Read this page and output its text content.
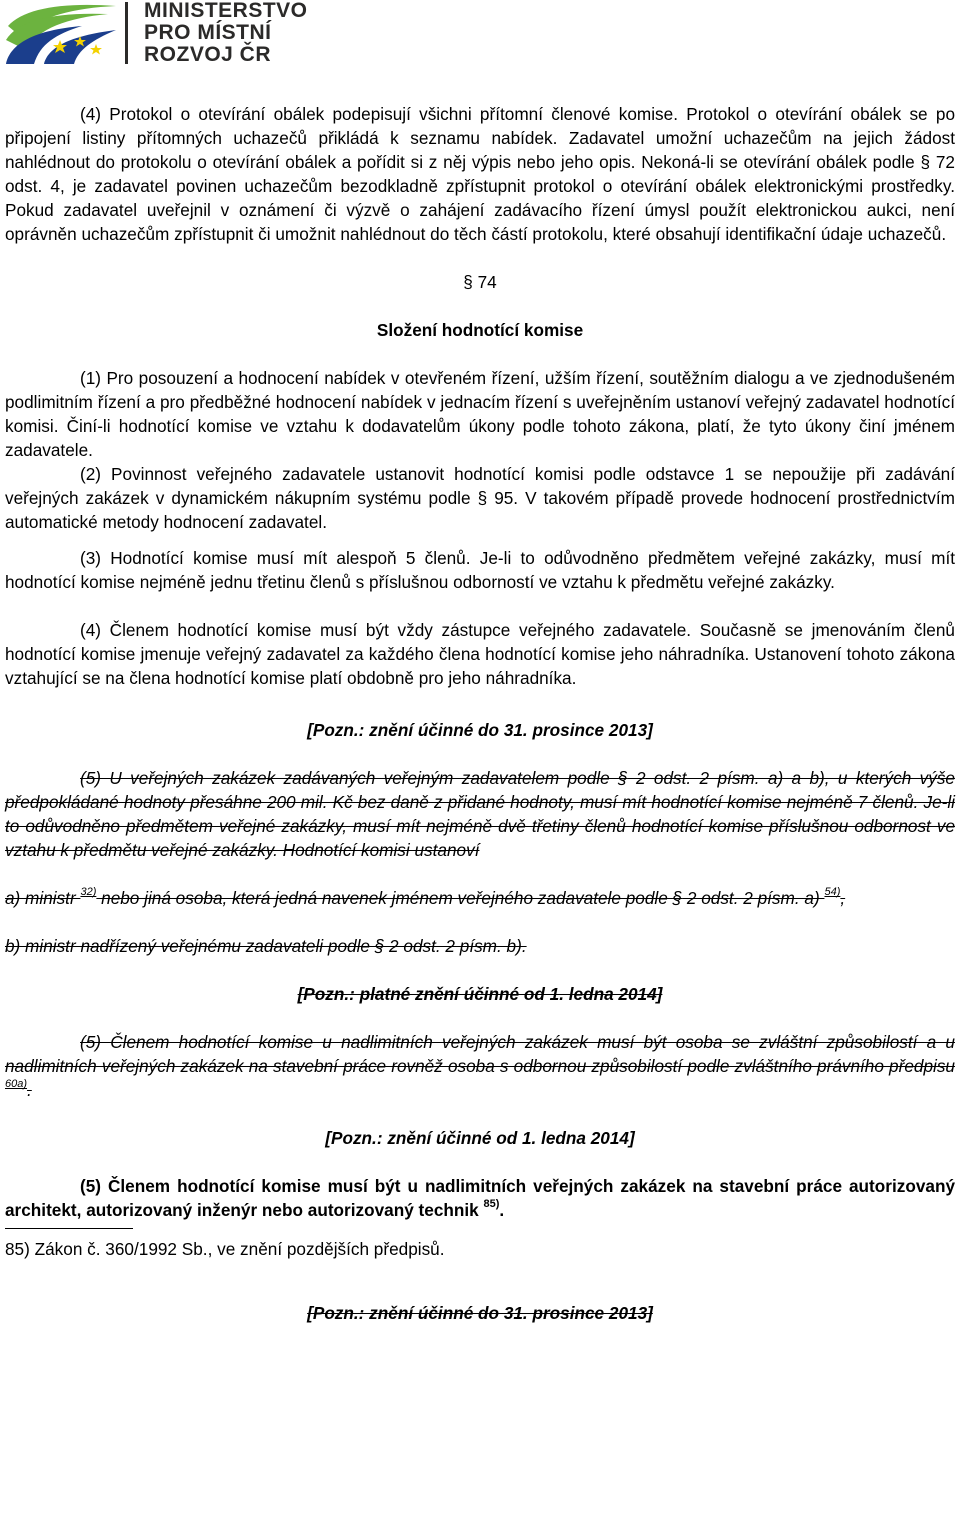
MINISTERSTVO
PRO MÍSTNÍ
ROZVOJ ČR

(4) Protokol o otevírání obálek podepisují všichni přítomní členové komise. Protokol o otevírání obálek se po připojení listiny přítomných uchazečů přikládá k seznamu nabídek. Zadavatel umožní uchazečům na jejich žádost nahlédnout do protokolu o otevírání obálek a pořídit si z něj výpis nebo jeho opis. Nekoná-li se otevírání obálek podle § 72 odst. 4, je zadavatel povinen uchazečům bezodkladně zpřístupnit protokol o otevírání obálek elektronickými prostředky. Pokud zadavatel uveřejnil v oznámení či výzvě o zahájení zadávacího řízení úmysl použít elektronickou aukci, není oprávněn uchazečům zpřístupnit či umožnit nahlédnout do těch částí protokolu, které obsahují identifikační údaje uchazečů.

§ 74

Složení hodnotící komise

(1) Pro posouzení a hodnocení nabídek v otevřeném řízení, užším řízení, soutěžním dialogu a ve zjednodušeném podlimitním řízení a pro předběžné hodnocení nabídek v jednacím řízení s uveřejněním ustanoví veřejný zadavatel hodnotící komisi. Činí-li hodnotící komise ve vztahu k dodavatelům úkony podle tohoto zákona, platí, že tyto úkony činí jménem zadavatele.

(2) Povinnost veřejného zadavatele ustanovit hodnotící komisi podle odstavce 1 se nepoužije při zadávání veřejných zakázek v dynamickém nákupním systému podle § 95. V takovém případě provede hodnocení prostřednictvím automatické metody hodnocení zadavatel.

(3) Hodnotící komise musí mít alespoň 5 členů. Je-li to odůvodněno předmětem veřejné zakázky, musí mít hodnotící komise nejméně jednu třetinu členů s příslušnou odborností ve vztahu k předmětu veřejné zakázky.

(4) Členem hodnotící komise musí být vždy zástupce veřejného zadavatele. Současně se jmenováním členů hodnotící komise jmenuje veřejný zadavatel za každého člena hodnotící komise jeho náhradníka. Ustanovení tohoto zákona vztahující se na člena hodnotící komise platí obdobně pro jeho náhradníka.

[Pozn.: znění účinné do 31. prosince 2013]

(5) U veřejných zakázek zadávaných veřejným zadavatelem podle § 2 odst. 2 písm. a) a b), u kterých výše předpokládané hodnoty přesáhne 200 mil. Kč bez daně z přidané hodnoty, musí mít hodnotící komise nejméně 7 členů. Je-li to odůvodněno předmětem veřejné zakázky, musí mít nejméně dvě třetiny členů hodnotící komise příslušnou odbornost ve vztahu k předmětu veřejné zakázky. Hodnotící komisi ustanoví

a) ministr $^{32)}$ nebo jiná osoba, která jedná navenek jménem veřejného zadavatele podle § 2 odst. 2 písm. a) $^{54)}$,

b) ministr nadřízený veřejnému zadavateli podle § 2 odst. 2 písm. b).

[Pozn.: platné znění účinné od 1. ledna 2014]

(5) Členem hodnotící komise u nadlimitních veřejných zakázek musí být osoba se zvláštní způsobilostí a u nadlimitních veřejných zakázek na stavební práce rovněž osoba s odbornou způsobilostí podle zvláštního právního předpisu $^{60a)}$.

[Pozn.: znění účinné od 1. ledna 2014]

(5) Členem hodnotící komise musí být u nadlimitních veřejných zakázek na stavební práce autorizovaný architekt, autorizovaný inženýr nebo autorizovaný technik $^{85)}$.

85) Zákon č. 360/1992 Sb., ve znění pozdějších předpisů.

[Pozn.: znění účinné do 31. prosince 2013]
